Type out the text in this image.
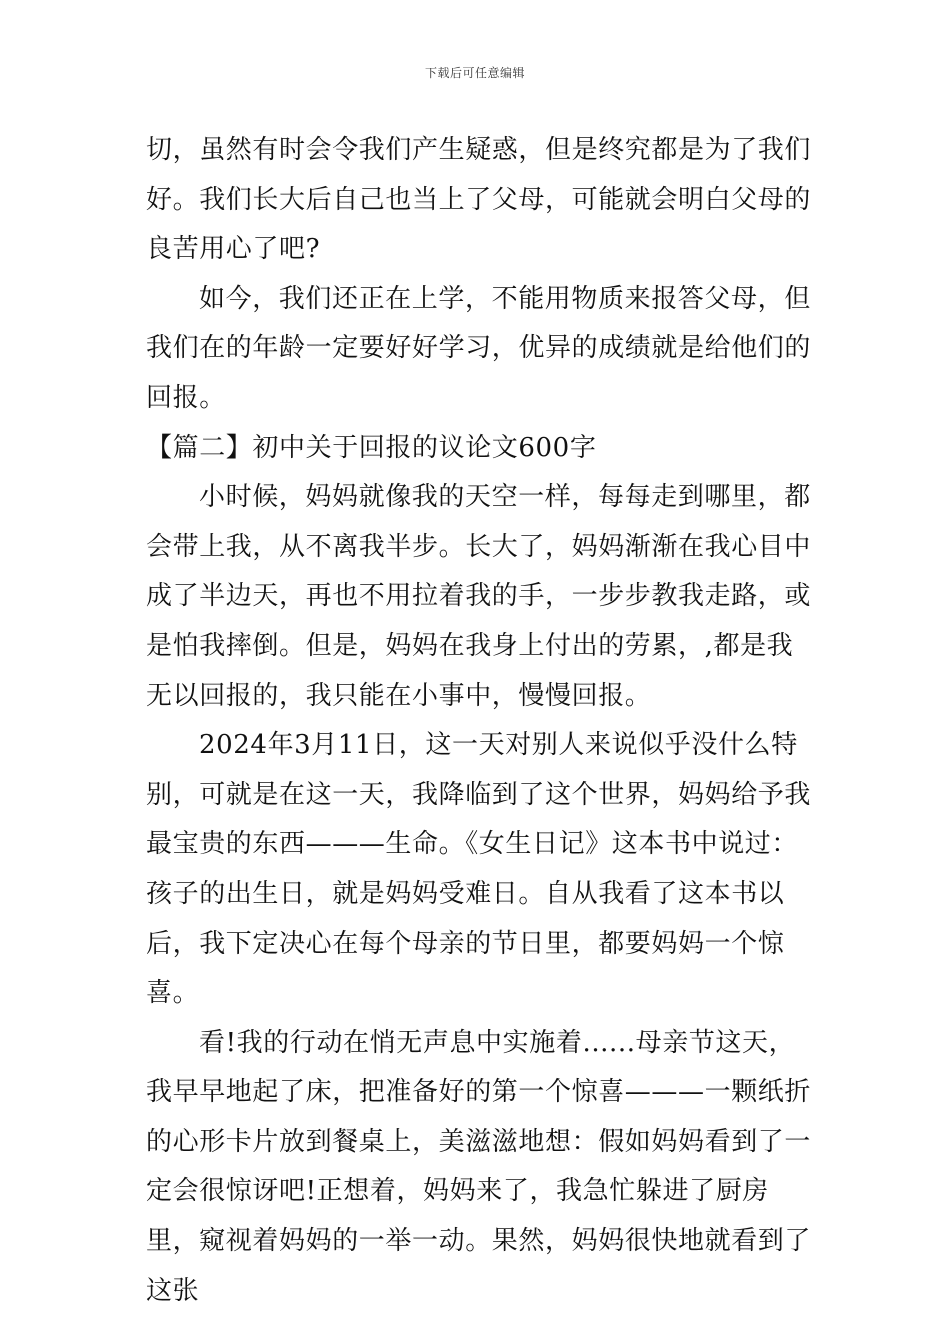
下载后可任意编辑

切，虽然有时会令我们产生疑惑，但是终究都是为了我们好。我们长大后自己也当上了父母，可能就会明白父母的良苦用心了吧?

如今，我们还正在上学，不能用物质来报答父母，但我们在的年龄一定要好好学习，优异的成绩就是给他们的回报。

【篇二】初中关于回报的议论文600字

小时候，妈妈就像我的天空一样，每每走到哪里，都会带上我，从不离我半步。长大了，妈妈渐渐在我心目中成了半边天，再也不用拉着我的手，一步步教我走路，或是怕我摔倒。但是，妈妈在我身上付出的劳累，,都是我无以回报的，我只能在小事中，慢慢回报。

2024年3月11日，这一天对别人来说似乎没什么特别，可就是在这一天，我降临到了这个世界，妈妈给予我最宝贵的东西———生命。《女生日记》这本书中说过：孩子的出生日，就是妈妈受难日。自从我看了这本书以后，我下定决心在每个母亲的节日里，都要妈妈一个惊喜。

看!我的行动在悄无声息中实施着......母亲节这天，我早早地起了床，把准备好的第一个惊喜———一颗纸折的心形卡片放到餐桌上，美滋滋地想：假如妈妈看到了一定会很惊讶吧!正想着，妈妈来了，我急忙躲进了厨房里，窥视着妈妈的一举一动。果然，妈妈很快地就看到了这张
